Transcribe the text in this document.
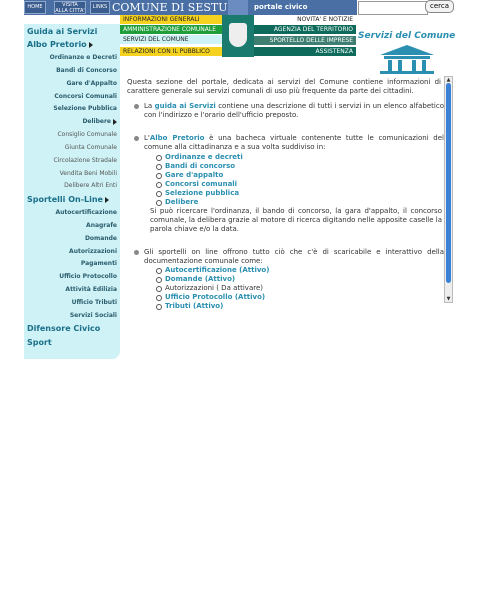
HOME	VISITA
ALLA CITTA'
LINKS COMUNE DI SESTU	portale civico	cerca
INFORMAZIONI GENERALI
AMMINISTRAZIONE COMUNALE
SERVIZI DEL COMUNE
RELAZIONI CON IL PUBBLICO
NOVITA' E NOTIZIE
AGENZIA DEL TERRITORIO
SPORTELLO DELLE IMPRESE
ASSISTENZA
Guida ai Servizi
Albo Pretorio
Ordinanze e Decreti
Bandi di Concorso
Gare d'Appalto
Concorsi Comunali
Selezione Pubblica
Delibere
Consiglio Comunale
Giunta Comunale
Circolazione Stradale
Vendita Beni Mobili
Delibere Altri Enti
Sportelli On-Line
Autocertificazione
Anagrafe
Domande
Autorizzazioni
Pagamenti
Ufficio Protocollo
Attività Edilizia
Ufficio Tributi
Servizi Sociali
Difensore Civico
Sport
Servizi del Comune

Questa sezione del portale, dedicata ai servizi del Comune contiene informazioni di carattere generale sui servizi comunali di uso più frequente da parte dei cittadini.

La guida ai Servizi contiene una descrizione di tutti i servizi in un elenco alfabetico con l'indirizzo e l'orario dell'ufficio preposto.

L'Albo Pretorio è una bacheca virtuale contenente tutte le comunicazioni del comune alla cittadinanza e a sua volta suddiviso in:

Ordinanze e decreti
Bandi di concorso
Gare d'appalto
Concorsi comunali
Selezione pubblica
Delibere

Si può ricercare l'ordinanza, il bando di concorso, la gara d'appalto, il concorso comunale, la delibera grazie al motore di ricerca digitando nelle apposite caselle la parola chiave e/o la data.

Gli sportelli on line offrono tutto ciò che c'è di scaricabile e interattivo della documentazione comunale come:

Autocertificazione (Attivo)
Domande (Attivo)
Autorizzazioni ( Da attivare)
Ufficio Protocollo (Attivo)
Tributi (Attivo)
▲
▼
